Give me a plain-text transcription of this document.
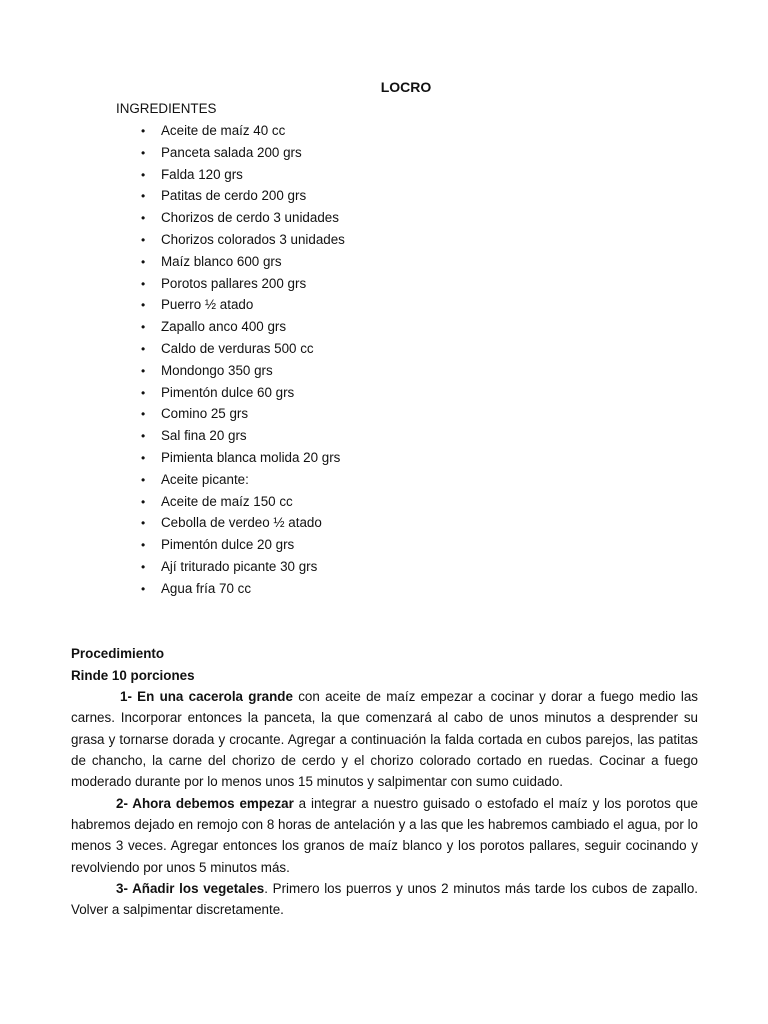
LOCRO
INGREDIENTES
• Aceite de maíz 40 cc
• Panceta salada 200 grs
• Falda 120 grs
• Patitas de cerdo 200 grs
• Chorizos de cerdo 3 unidades
• Chorizos colorados 3 unidades
• Maíz blanco 600 grs
• Porotos pallares 200 grs
• Puerro ½ atado
• Zapallo anco 400 grs
• Caldo de verduras 500 cc
• Mondongo 350 grs
• Pimentón dulce 60 grs
• Comino 25 grs
• Sal fina 20 grs
• Pimienta blanca molida 20 grs
• Aceite picante:
• Aceite de maíz 150 cc
• Cebolla de verdeo ½ atado
• Pimentón dulce 20 grs
• Ají triturado picante 30 grs
• Agua fría 70 cc
Procedimiento
Rinde 10 porciones

1- En una cacerola grande con aceite de maíz empezar a cocinar y dorar a fuego medio las carnes. Incorporar entonces la panceta, la que comenzará al cabo de unos minutos a desprender su grasa y tornarse dorada y crocante. Agregar a continuación la falda cortada en cubos parejos, las patitas de chancho, la carne del chorizo de cerdo y el chorizo colorado cortado en ruedas. Cocinar a fuego moderado durante por lo menos unos 15 minutos y salpimentar con sumo cuidado.

2- Ahora debemos empezar a integrar a nuestro guisado o estofado el maíz y los porotos que habremos dejado en remojo con 8 horas de antelación y a las que les habremos cambiado el agua, por lo menos 3 veces. Agregar entonces los granos de maíz blanco y los porotos pallares, seguir cocinando y revolviendo por unos 5 minutos más.

3- Añadir los vegetales. Primero los puerros y unos 2 minutos más tarde los cubos de zapallo. Volver a salpimentar discretamente.
